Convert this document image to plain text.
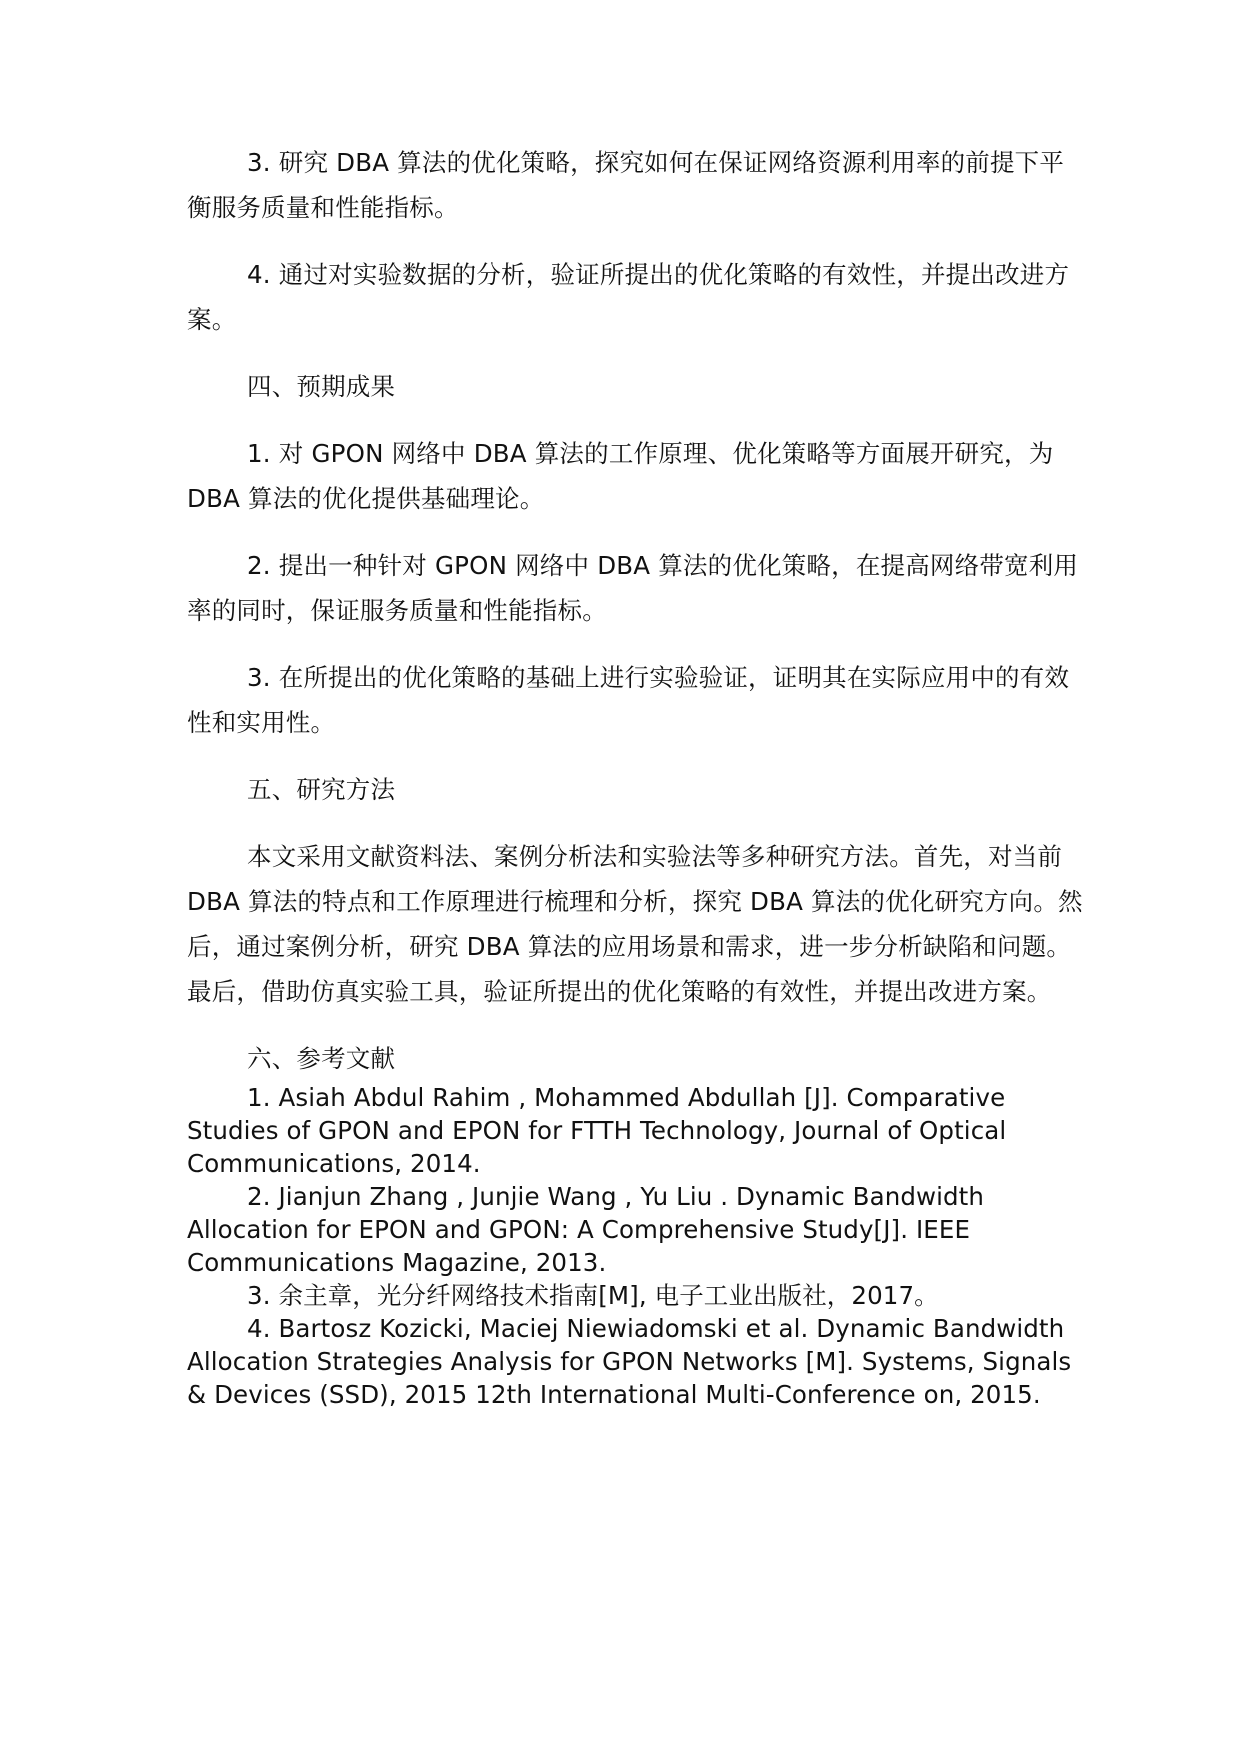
3. 研究 DBA 算法的优化策略，探究如何在保证网络资源利用率的前提下平衡服务质量和性能指标。

4. 通过对实验数据的分析，验证所提出的优化策略的有效性，并提出改进方案。

四、预期成果

1. 对 GPON 网络中 DBA 算法的工作原理、优化策略等方面展开研究，为 DBA 算法的优化提供基础理论。

2. 提出一种针对 GPON 网络中 DBA 算法的优化策略，在提高网络带宽利用率的同时，保证服务质量和性能指标。

3. 在所提出的优化策略的基础上进行实验验证，证明其在实际应用中的有效性和实用性。

五、研究方法

本文采用文献资料法、案例分析法和实验法等多种研究方法。首先，对当前 DBA 算法的特点和工作原理进行梳理和分析，探究 DBA 算法的优化研究方向。然后，通过案例分析，研究 DBA 算法的应用场景和需求，进一步分析缺陷和问题。最后，借助仿真实验工具，验证所提出的优化策略的有效性，并提出改进方案。

六、参考文献

1. Asiah Abdul Rahim , Mohammed Abdullah [J]. Comparative Studies of GPON and EPON for FTTH Technology, Journal of Optical Communications, 2014.

2. Jianjun Zhang , Junjie Wang , Yu Liu . Dynamic Bandwidth Allocation for EPON and GPON: A Comprehensive Study[J]. IEEE Communications Magazine, 2013.

3. 余主章，光分纤网络技术指南[M], 电子工业出版社，2017。

4. Bartosz Kozicki, Maciej Niewiadomski et al. Dynamic Bandwidth Allocation Strategies Analysis for GPON Networks [M]. Systems, Signals & Devices (SSD), 2015 12th International Multi-Conference on, 2015.
